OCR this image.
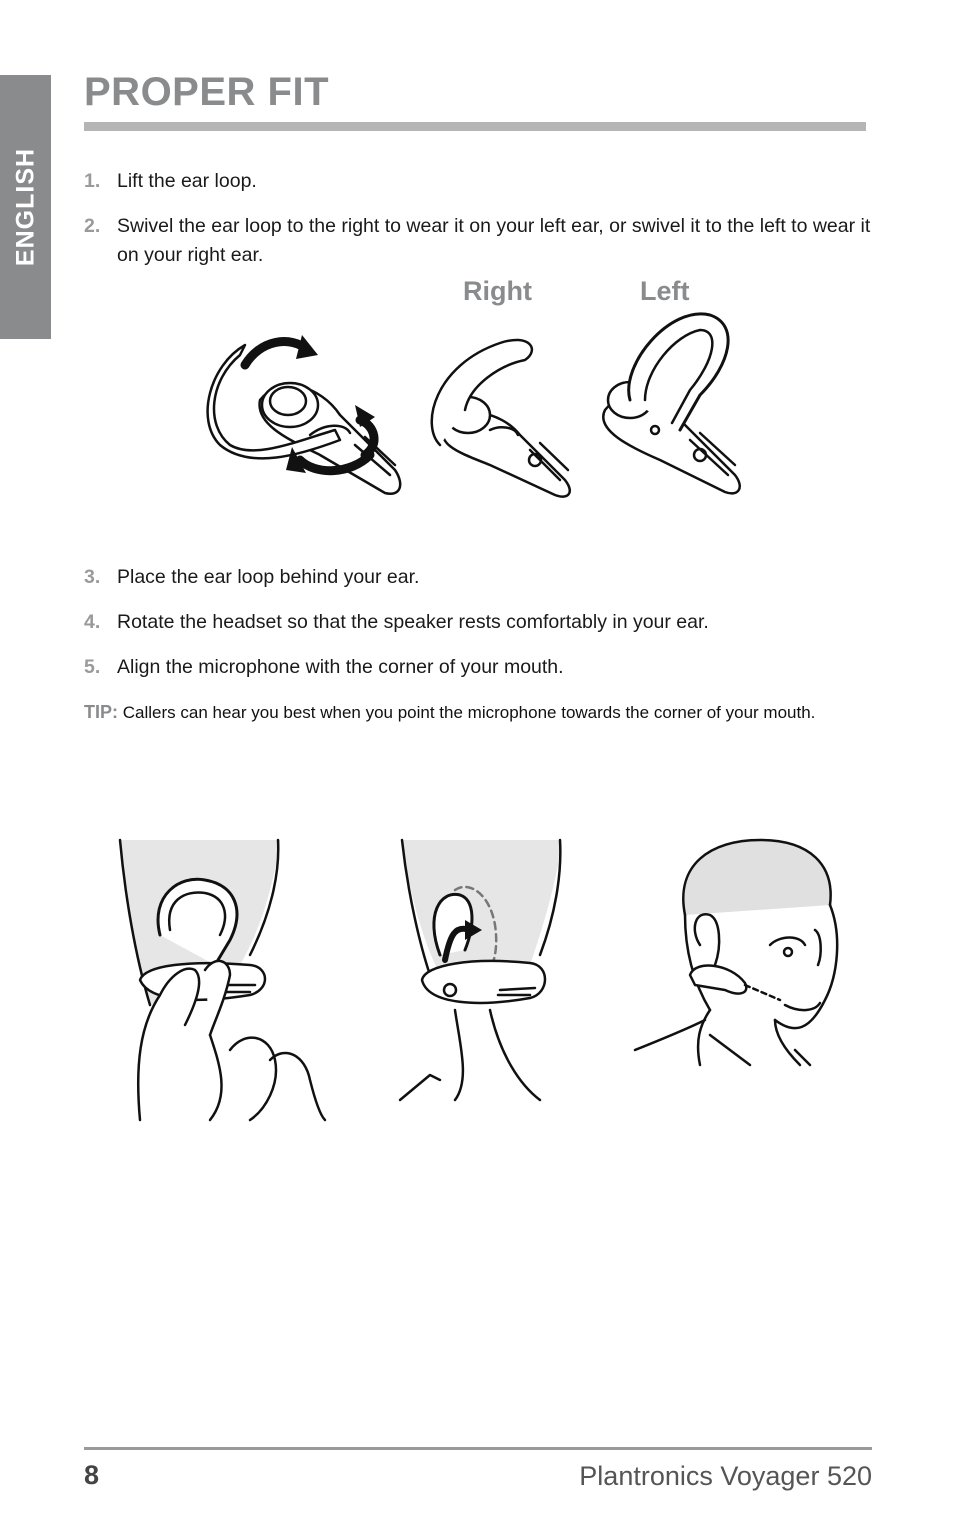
ENGLISH
PROPER FIT
1. Lift the ear loop.
2. Swivel the ear loop to the right to wear it on your left ear, or swivel it to the left to wear it on your right ear.
Right	Left
3. Place the ear loop behind your ear.
4. Rotate the headset so that the speaker rests comfortably in your ear.
5. Align the microphone with the corner of your mouth.
TIP: Callers can hear you best when you point the microphone towards the corner of your mouth.
8	Plantronics Voyager 520
